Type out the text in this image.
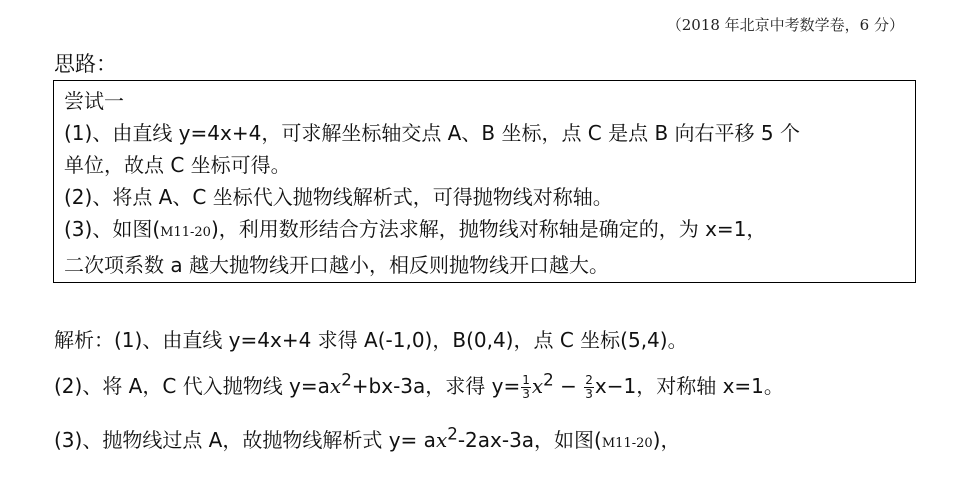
（2018 年北京中考数学卷，6 分）
思路：
尝试一
(1)、由直线 y=4x+4，可求解坐标轴交点 A、B 坐标，点 C 是点 B 向右平移 5 个
单位，故点 C 坐标可得。
(2)、将点 A、C 坐标代入抛物线解析式，可得抛物线对称轴。
(3)、如图(M11-20)，利用数形结合方法求解，抛物线对称轴是确定的，为 x=1，
二次项系数 a 越大抛物线开口越小，相反则抛物线开口越大。
解析：(1)、由直线 y=4x+4 求得 A(-1,0)，B(0,4)，点 C 坐标(5,4)。
(2)、将 A，C 代入抛物线 $y=ax^2+bx-3a$，求得 $y= \frac{1}{3} x^2 - \frac{2}{3} x-1$，对称轴 x=1。
(3)、抛物线过点 A，故抛物线解析式 $y= ax^2-2ax-3a$，如图(M11-20)，
